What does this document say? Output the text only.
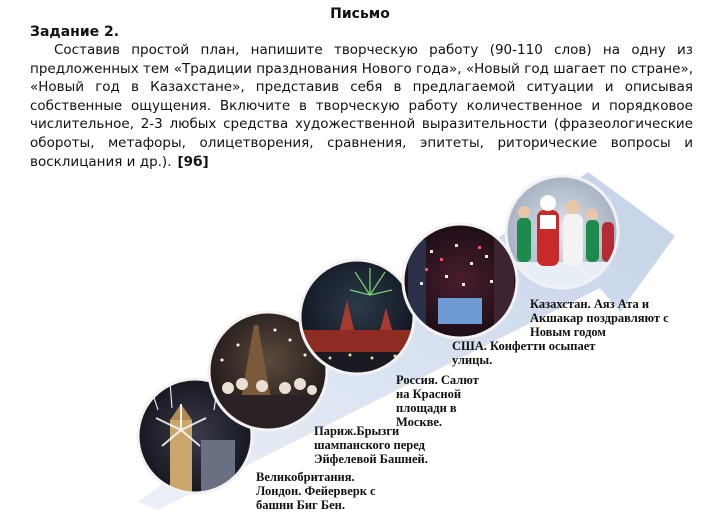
Письмо
Задание 2.
Составив простой план, напишите творческую работу (90-110 слов) на одну из предложенных тем «Традиции празднования Нового года», «Новый год шагает по стране», «Новый год в Казахстане», представив себя в предлагаемой ситуации и описывая собственные ощущения. Включите в творческую работу количественное и порядковое числительное, 2-3 любых средства художественной выразительности (фразеологические обороты, метафоры, олицетворения, сравнения, эпитеты, риторические вопросы и восклицания и др.). [9б]
Великобритания. Лондон. Фейерверк с башни Биг Бен.
Париж.Брызги шампанского перед Эйфелевой Башней.
Россия. Салют на Красной площади в Москве.
США. Конфетти осыпает улицы.
Казахстан. Аяз Ата и Акшакар поздравляют с Новым годом
